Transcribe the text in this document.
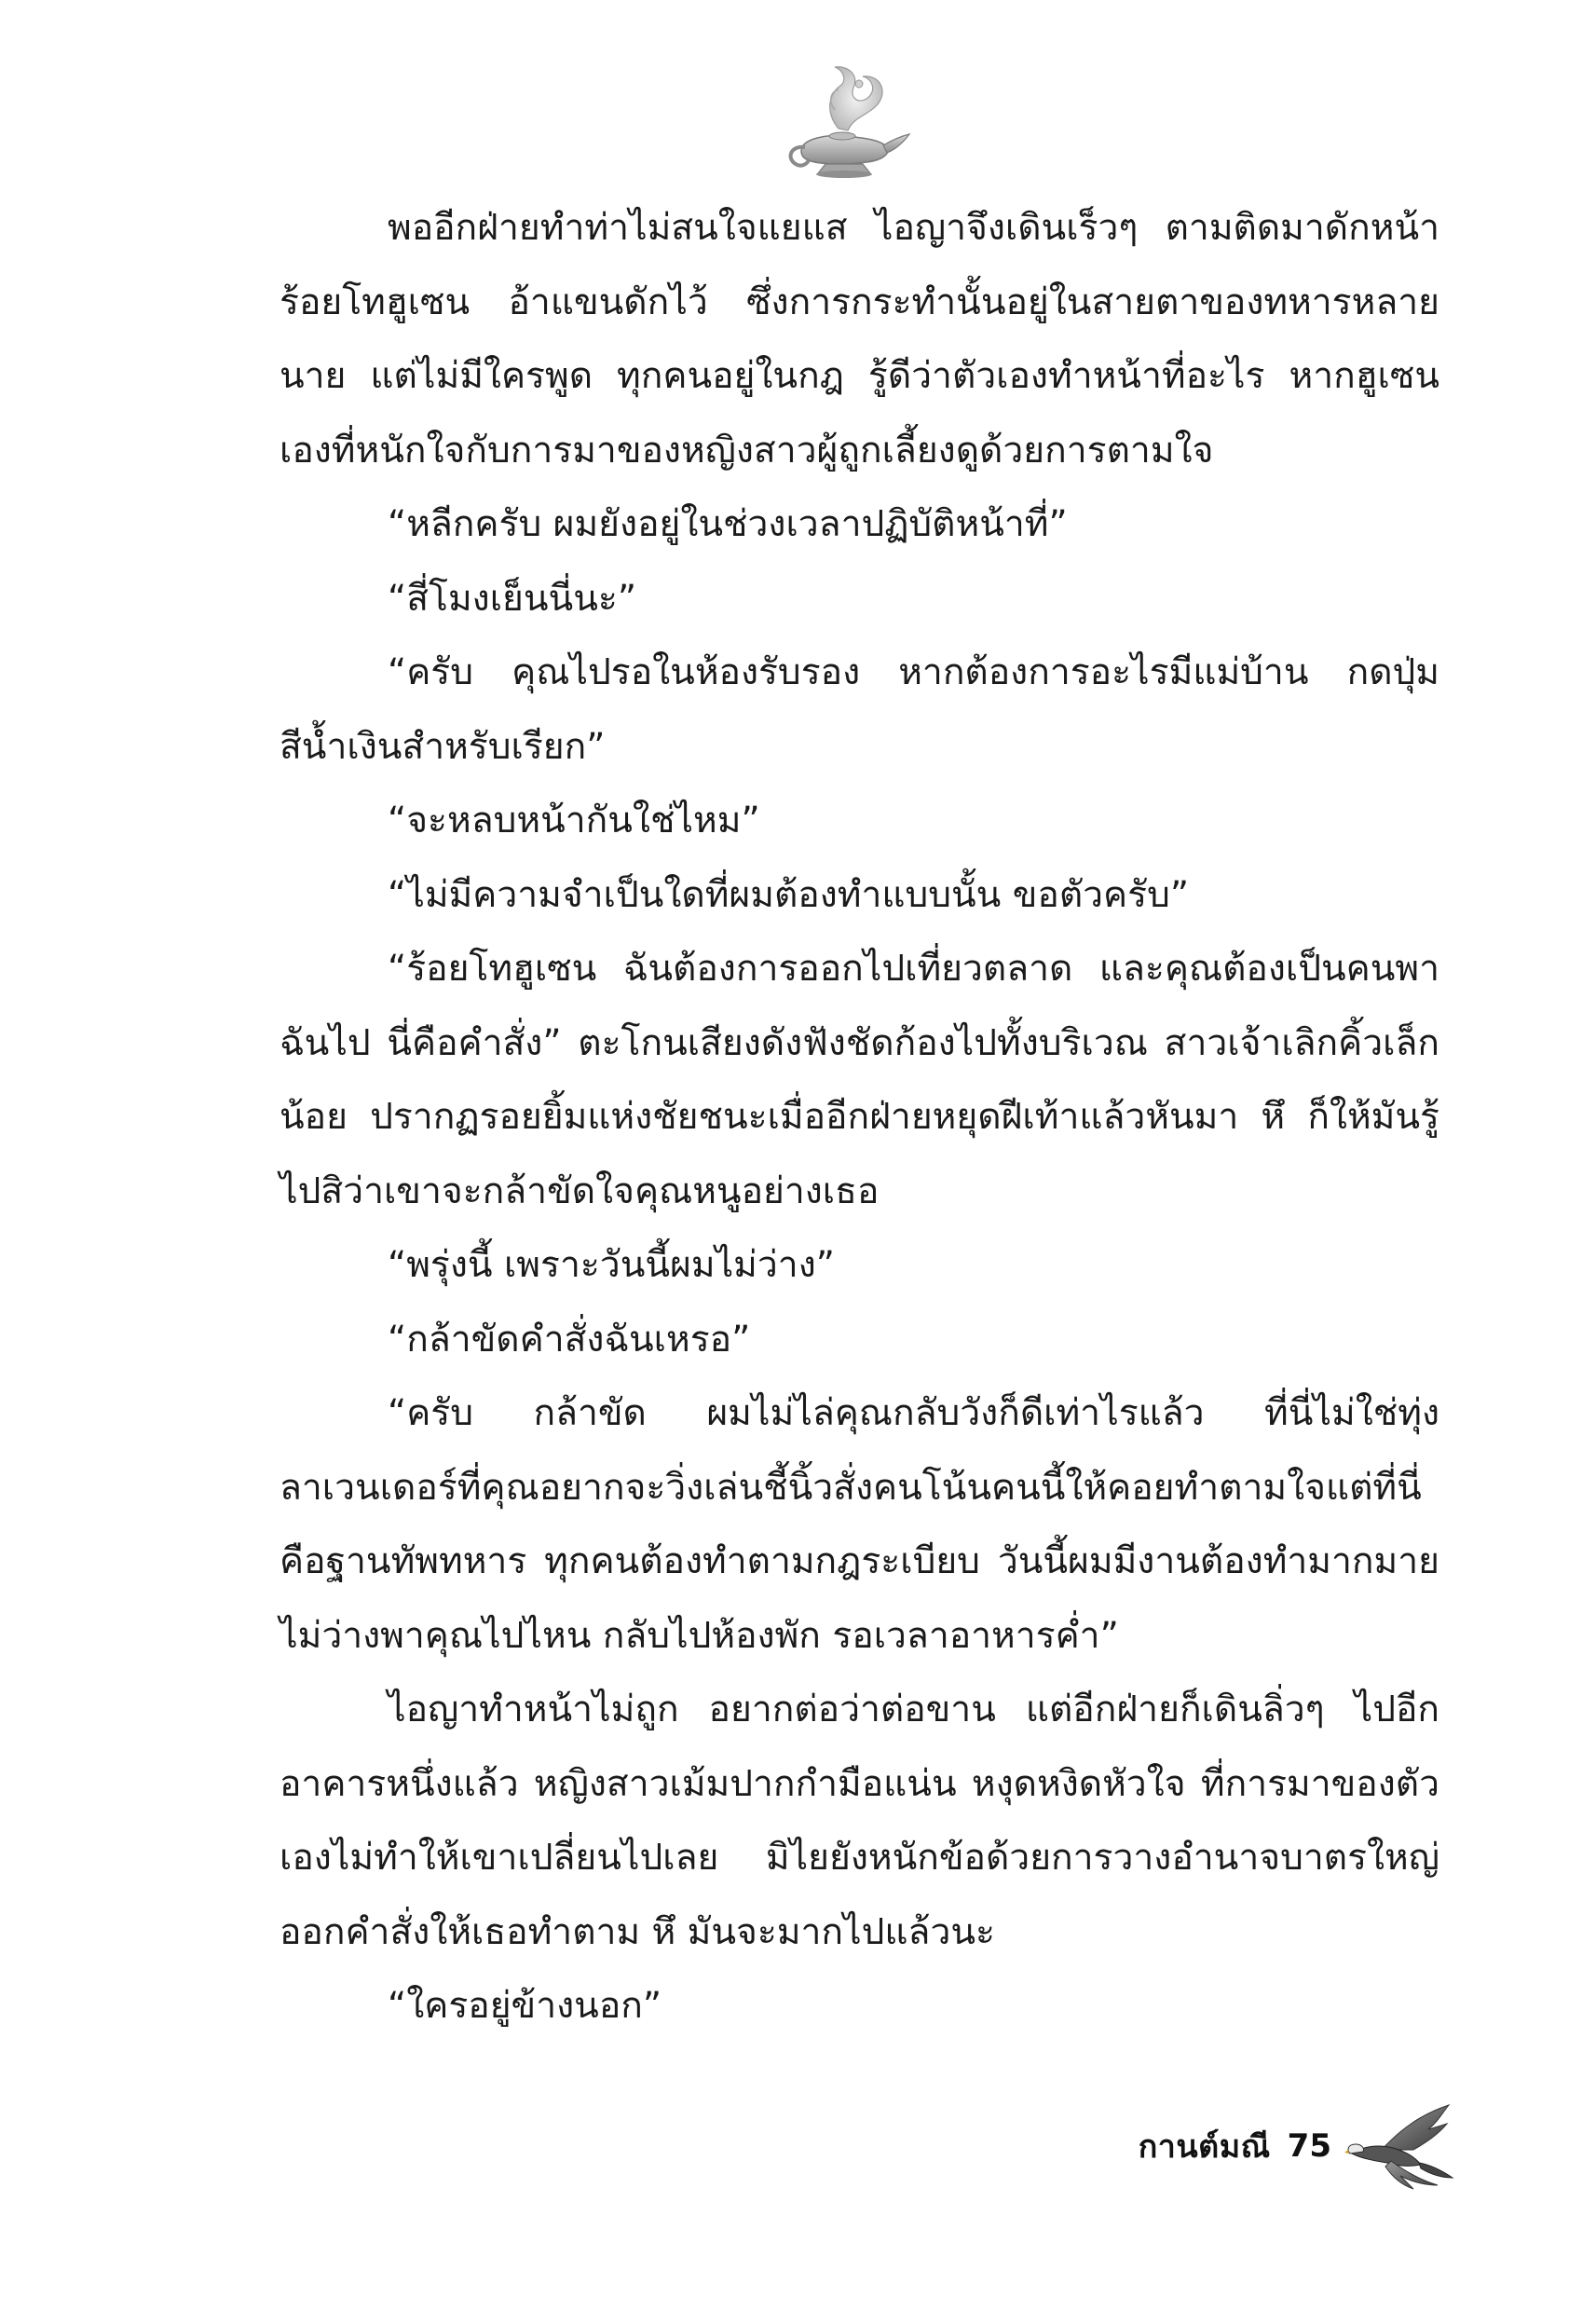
พออีกฝ่ายทำท่าไม่สนใจแยแส ไอญาจึงเดินเร็วๆ ตามติดมาดักหน้าร้อยโทฮูเซน อ้าแขนดักไว้ ซึ่งการกระทำนั้นอยู่ในสายตาของทหารหลายนาย แต่ไม่มีใครพูด ทุกคนอยู่ในกฎ รู้ดีว่าตัวเองทำหน้าที่อะไร หากฮูเซนเองที่หนักใจกับการมาของหญิงสาวผู้ถูกเลี้ยงดูด้วยการตามใจ

“หลีกครับ ผมยังอยู่ในช่วงเวลาปฏิบัติหน้าที่”

“สี่โมงเย็นนี่นะ”

“ครับ คุณไปรอในห้องรับรอง หากต้องการอะไรมีแม่บ้าน กดปุ่มสีน้ำเงินสำหรับเรียก”

“จะหลบหน้ากันใช่ไหม”

“ไม่มีความจำเป็นใดที่ผมต้องทำแบบนั้น ขอตัวครับ”

“ร้อยโทฮูเซน ฉันต้องการออกไปเที่ยวตลาด และคุณต้องเป็นคนพาฉันไป นี่คือคำสั่ง” ตะโกนเสียงดังฟังชัดก้องไปทั้งบริเวณ สาวเจ้าเลิกคิ้วเล็กน้อย ปรากฏรอยยิ้มแห่งชัยชนะเมื่ออีกฝ่ายหยุดฝีเท้าแล้วหันมา หึ ก็ให้มันรู้ไปสิว่าเขาจะกล้าขัดใจคุณหนูอย่างเธอ

“พรุ่งนี้ เพราะวันนี้ผมไม่ว่าง”

“กล้าขัดคำสั่งฉันเหรอ”

“ครับ กล้าขัด ผมไม่ไล่คุณกลับวังก็ดีเท่าไรแล้ว ที่นี่ไม่ใช่ทุ่งลาเวนเดอร์ที่คุณอยากจะวิ่งเล่นชี้นิ้วสั่งคนโน้นคนนี้ให้คอยทำตามใจแต่ที่นี่คือฐานทัพทหาร ทุกคนต้องทำตามกฎระเบียบ วันนี้ผมมีงานต้องทำมากมาย ไม่ว่างพาคุณไปไหน กลับไปห้องพัก รอเวลาอาหารค่ำ”

ไอญาทำหน้าไม่ถูก อยากต่อว่าต่อขาน แต่อีกฝ่ายก็เดินลิ่วๆ ไปอีกอาคารหนึ่งแล้ว หญิงสาวเม้มปากกำมือแน่น หงุดหงิดหัวใจ ที่การมาของตัวเองไม่ทำให้เขาเปลี่ยนไปเลย มิไยยังหนักข้อด้วยการวางอำนาจบาตรใหญ่ออกคำสั่งให้เธอทำตาม หึ มันจะมากไปแล้วนะ

“ใครอยู่ข้างนอก”

กานต์มณี 75
